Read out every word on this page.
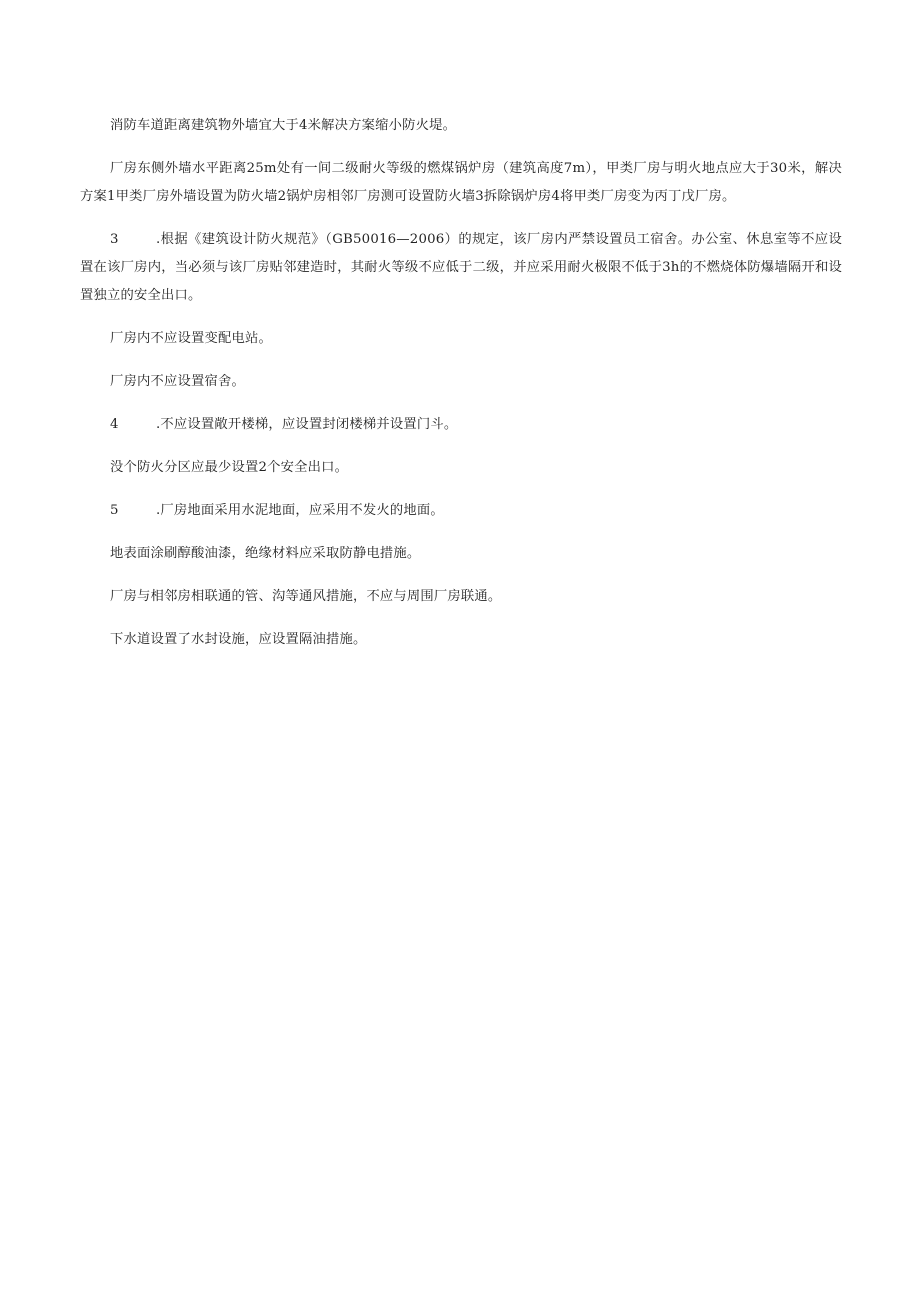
消防车道距离建筑物外墙宜大于4米解决方案缩小防火堤。

厂房东侧外墙水平距离25m处有一间二级耐火等级的燃煤锅炉房（建筑高度7m），甲类厂房与明火地点应大于30米，解决方案1甲类厂房外墙设置为防火墙2锅炉房相邻厂房测可设置防火墙3拆除锅炉房4将甲类厂房变为丙丁戊厂房。

3	.根据《建筑设计防火规范》（GB50016—2006）的规定，该厂房内严禁设置员工宿舍。办公室、休息室等不应设置在该厂房内，当必须与该厂房贴邻建造时，其耐火等级不应低于二级，并应采用耐火极限不低于3h的不燃烧体防爆墙隔开和设置独立的安全出口。

厂房内不应设置变配电站。

厂房内不应设置宿舍。

4	.不应设置敞开楼梯，应设置封闭楼梯并设置门斗。

没个防火分区应最少设置2个安全出口。

5	.厂房地面采用水泥地面，应采用不发火的地面。

地表面涂刷醇酸油漆，绝缘材料应采取防静电措施。

厂房与相邻房相联通的管、沟等通风措施，不应与周围厂房联通。

下水道设置了水封设施，应设置隔油措施。
